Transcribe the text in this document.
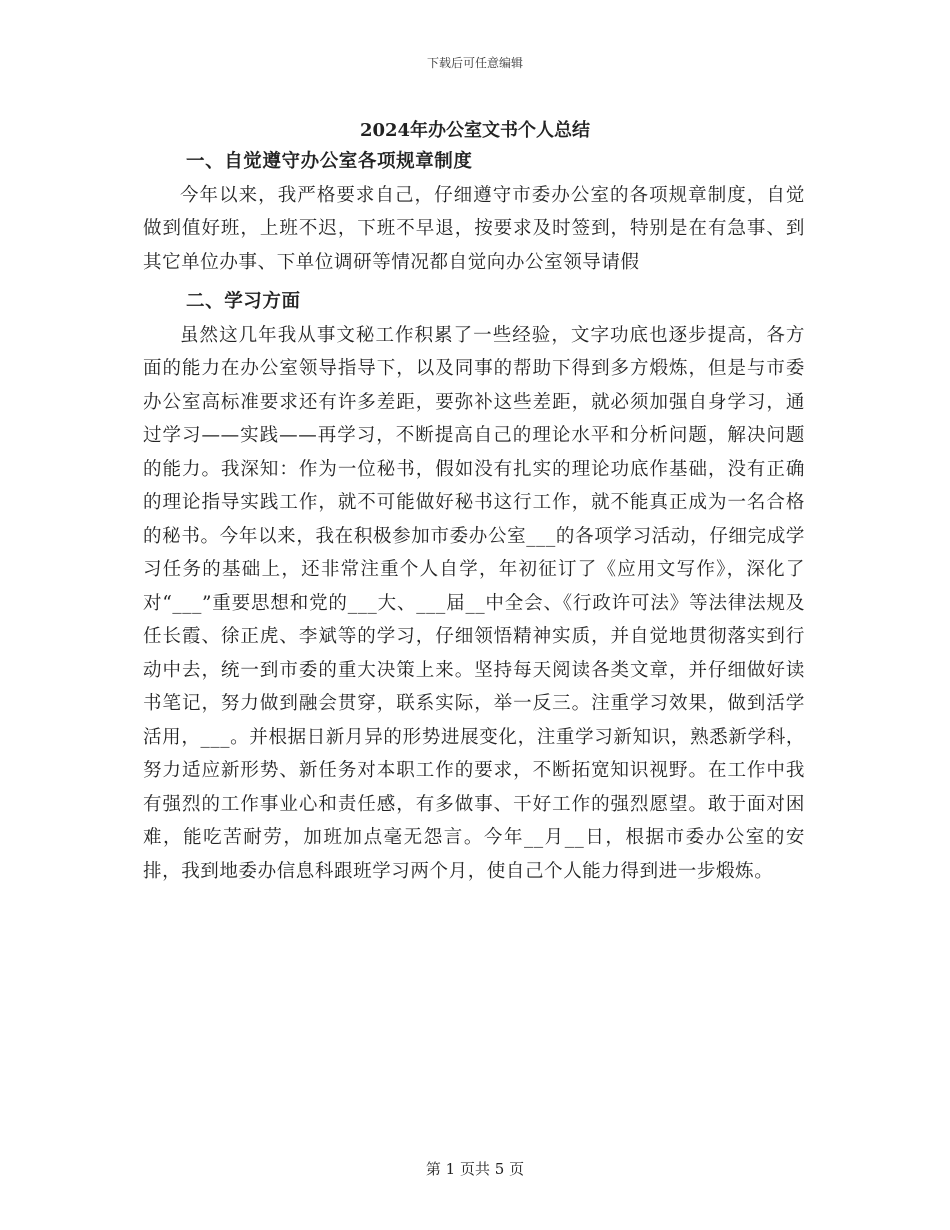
下载后可任意编辑
2024年办公室文书个人总结

一、自觉遵守办公室各项规章制度

今年以来，我严格要求自己，仔细遵守市委办公室的各项规章制度，自觉做到值好班，上班不迟，下班不早退，按要求及时签到，特别是在有急事、到其它单位办事、下单位调研等情况都自觉向办公室领导请假

二、学习方面

虽然这几年我从事文秘工作积累了一些经验，文字功底也逐步提高，各方面的能力在办公室领导指导下，以及同事的帮助下得到多方煅炼，但是与市委办公室高标准要求还有许多差距，要弥补这些差距，就必须加强自身学习，通过学习——实践——再学习，不断提高自己的理论水平和分析问题，解决问题的能力。我深知：作为一位秘书，假如没有扎实的理论功底作基础，没有正确的理论指导实践工作，就不可能做好秘书这行工作，就不能真正成为一名合格的秘书。今年以来，我在积极参加市委办公室___的各项学习活动，仔细完成学习任务的基础上，还非常注重个人自学，年初征订了《应用文写作》，深化了对“___”重要思想和党的___大、___届__中全会、《行政许可法》等法律法规及任长霞、徐正虎、李斌等的学习，仔细领悟精神实质，并自觉地贯彻落实到行动中去，统一到市委的重大决策上来。坚持每天阅读各类文章，并仔细做好读书笔记，努力做到融会贯穿，联系实际，举一反三。注重学习效果，做到活学活用，___。并根据日新月异的形势进展变化，注重学习新知识，熟悉新学科，努力适应新形势、新任务对本职工作的要求，不断拓宽知识视野。在工作中我有强烈的工作事业心和责任感，有多做事、干好工作的强烈愿望。敢于面对困难，能吃苦耐劳，加班加点毫无怨言。今年__月__日，根据市委办公室的安排，我到地委办信息科跟班学习两个月，使自己个人能力得到进一步煅炼。

第 1 页共 5 页
